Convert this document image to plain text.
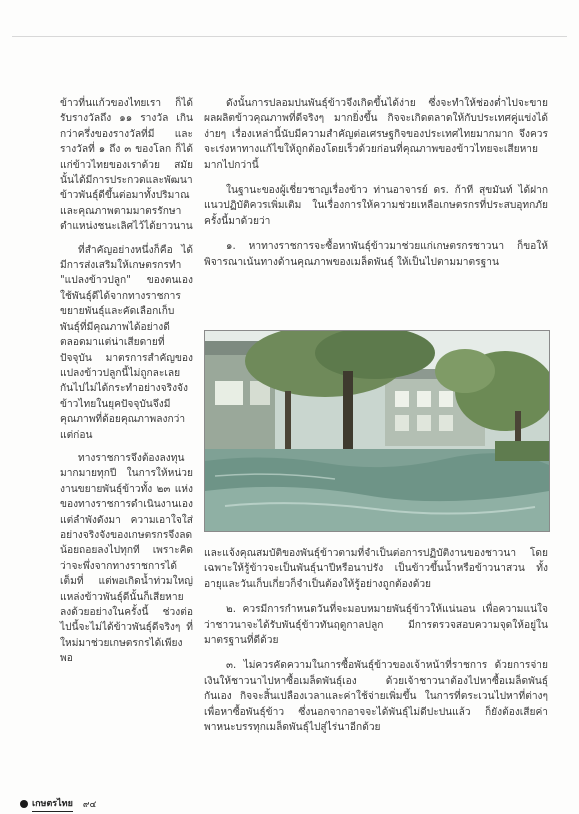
ข้าวที่นแก้วของไทยเรา ก็ได้รับรางวัลถึง ๑๑ รางวัล เกินกว่าครึ่งของรางวัลที่มี และรางวัลที่ ๑ ถึง ๓ ของโลก ก็ได้แก่ข้าวไทยของเราด้วย สมัยนั้นได้มีการประกวดและพัฒนาข้าวพันธุ์ดีขึ้นต่อมาทั้งปริมาณและคุณภาพตามมาตรรักษาตำแหน่งชนะเลิศไว้ได้ยาวนาน

ที่สำคัญอย่างหนึ่งก็คือ ได้มีการส่งเสริมให้เกษตรกรทำ "แปลงข้าวปลูก" ของตนเอง ใช้พันธุ์ดีได้จากทางราชการขยายพันธุ์และคัดเลือกเก็บพันธุ์ที่มีคุณภาพได้อย่างดีตลอดมาแต่น่าเสียดายที่ปัจจุบัน มาตรการสำคัญของแปลงข้าวปลูกนี้ไม่ถูกละเลยกันไปไม่ได้กระทำอย่างจริงจัง ข้าวไทยในยุคปัจจุบันจึงมีคุณภาพที่ด้อยคุณภาพลงกว่าแต่ก่อน

ทางราชการจึงต้องลงทุนมากมายทุกปี ในการให้หน่วยงานขยายพันธุ์ข้าวทั้ง ๒๓ แห่งของทางราชการดำเนินงานเองแต่ลำพังดังมา ความเอาใจใส่อย่างจริงจังของเกษตรกรจึงลดน้อยถอยลงไปทุกที เพราะคิดว่าจะพึ่งจากทางราชการได้เต็มที่ แต่พอเกิดน้ำท่วมใหญ่ แหล่งข้าวพันธุ์ดีนั้นก็เสียหายลงด้วยอย่างในครั้งนี้ ช่วงต่อไปนี้จะไม่ได้ข้าวพันธุ์ดีจริงๆ ที่ใหม่มาช่วยเกษตรกรได้เพียงพอ

ดังนั้นการปลอมปนพันธุ์ข้าวจึงเกิดขึ้นได้ง่าย ซึ่งจะทำให้ช่องต่ำไปจะขายผลผลิตข้าวคุณภาพที่ดีจริงๆ มากยิ่งขึ้น กิจจะเกิดตลาดให้กับประเทศคู่แข่งได้ง่ายๆ เรื่องเหล่านี้นับมีความสำคัญต่อเศรษฐกิจของประเทศไทยมากมาก จึงควรจะเร่งหาทางแก้ไขให้ถูกต้องโดยเร็วด้วยก่อนที่คุณภาพของข้าวไทยจะเสียหายมากไปกว่านี้

ในฐานะของผู้เชี่ยวชาญเรื่องข้าว ท่านอาจารย์ ดร. ก้าที สุขมันท์ ได้ฝากแนวปฏิบัติควรเพิ่มเติม ในเรื่องการให้ความช่วยเหลือเกษตรกรที่ประสบอุทกภัยครั้งนี้มาด้วยว่า

๑. หาทางราชการจะซื้อหาพันธุ์ข้าวมาช่วยแก่เกษตรกรชาวนา ก็ขอให้พิจารณาเน้นทางด้านคุณภาพของเมล็ดพันธุ์ ให้เป็นไปตามมาตรฐาน

และแจ้งคุณสมบัติของพันธุ์ข้าวตามที่จำเป็นต่อการปฏิบัติงานของชาวนา โดยเฉพาะให้รู้ข้าวจะเป็นพันธุ์นาปีหรือนาปรัง เป็นข้าวขึ้นน้ำหรือข้าวนาสวน ทั้งอายุและวันเก็บเกี่ยวก็จำเป็นต้องให้รู้อย่างถูกต้องด้วย

๒. ควรมีการกำหนดวันที่จะมอบหมายพันธุ์ข้าวให้แน่นอน เพื่อความแน่ใจว่าชาวนาจะได้รับพันธุ์ข้าวทันฤดูกาลปลูก มีการตรวจสอบความจุดให้อยู่ในมาตรฐานที่ดีด้วย

๓. ไม่ควรคัดความในการซื้อพันธุ์ข้าวของเจ้าหน้าที่ราชการ ด้วยการจ่ายเงินให้ชาวนาไปหาซื้อเมล็ดพันธุ์เอง ด้วยเจ้าชาวนาต้องไปหาซื้อเมล็ดพันธุ์กันเอง กิจจะสิ้นเปลืองเวลาและค่าใช้จ่ายเพิ่มขึ้น ในการที่ตระเวนไปหาที่ต่างๆ เพื่อหาซื้อพันธุ์ข้าว ซึ่งนอกจากอาจจะได้พันธุ์ไม่ดีปะปนแล้ว ก็ยังต้องเสียค่าพาหนะบรรทุกเมล็ดพันธุ์ไปสู่ไร่นาอีกด้วย

เกษตรไทย ๙๔
